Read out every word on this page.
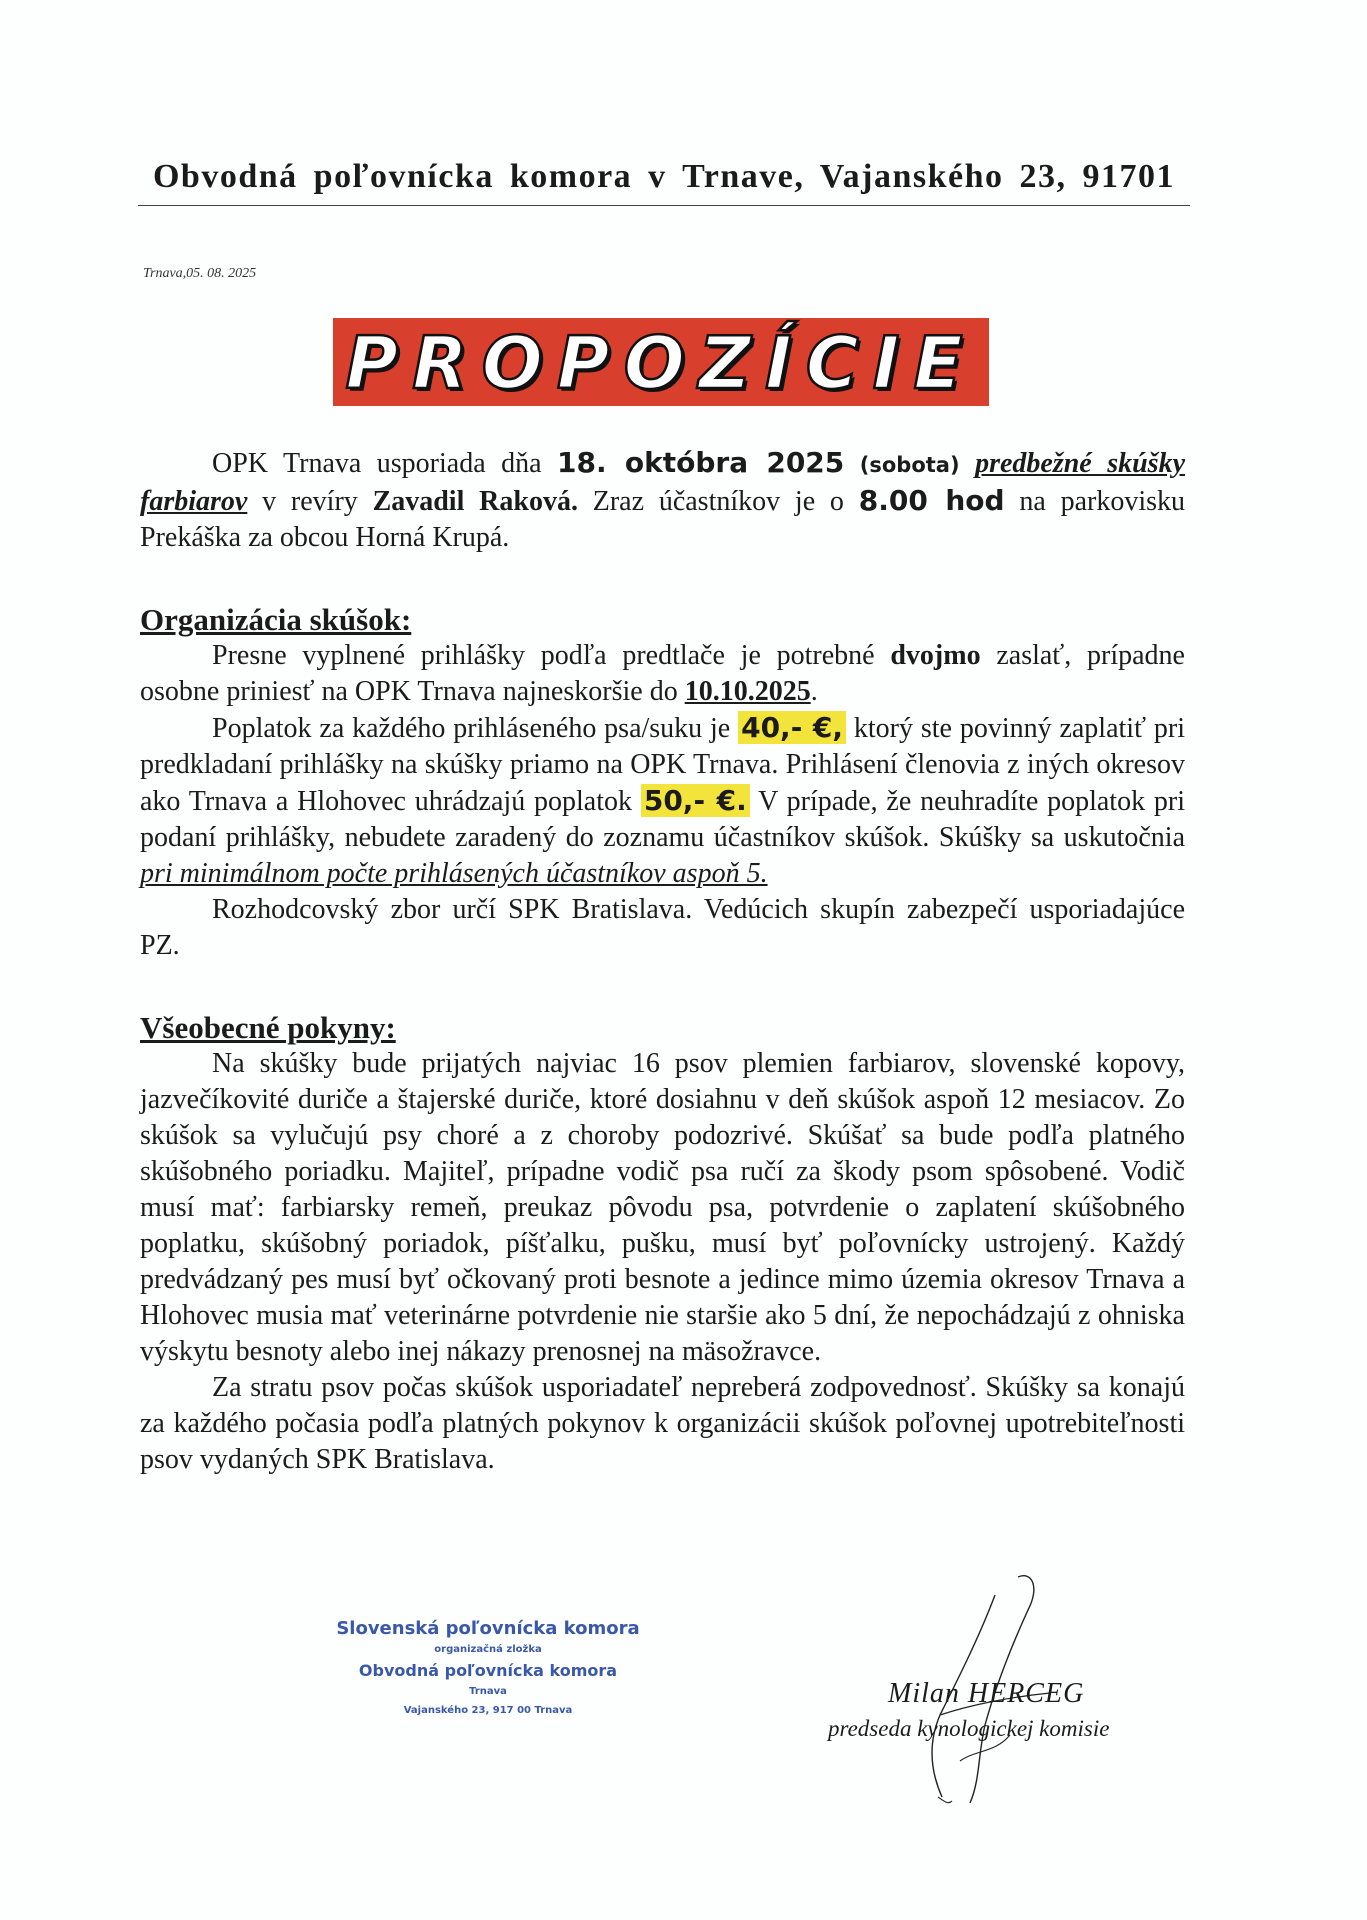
Obvodná poľovnícka komora v Trnave, Vajanského 23, 91701
Trnava,05. 08. 2025
PROPOZÍCIE

OPK Trnava usporiada dňa 18. októbra 2025 (sobota) predbežné skúšky farbiarov v revíry Zavadil Raková. Zraz účastníkov je o 8.00 hod na parkovisku Prekáška za obcou Horná Krupá.

Organizácia skúšok:

Presne vyplnené prihlášky podľa predtlače je potrebné dvojmo zaslať, prípadne osobne priniesť na OPK Trnava najneskoršie do 10.10.2025.

Poplatok za každého prihláseného psa/suku je 40,- €, ktorý ste povinný zaplatiť pri predkladaní prihlášky na skúšky priamo na OPK Trnava. Prihlásení členovia z iných okresov ako Trnava a Hlohovec uhrádzajú poplatok 50,- €. V prípade, že neuhradíte poplatok pri podaní prihlášky, nebudete zaradený do zoznamu účastníkov skúšok. Skúšky sa uskutočnia pri minimálnom počte prihlásených účastníkov aspoň 5.

Rozhodcovský zbor určí SPK Bratislava. Vedúcich skupín zabezpečí usporiadajúce PZ.

Všeobecné pokyny:

Na skúšky bude prijatých najviac 16 psov plemien farbiarov, slovenské kopovy, jazvečíkovité duriče a štajerské duriče, ktoré dosiahnu v deň skúšok aspoň 12 mesiacov. Zo skúšok sa vylučujú psy choré a z choroby podozrivé. Skúšať sa bude podľa platného skúšobného poriadku. Majiteľ, prípadne vodič psa ručí za škody psom spôsobené. Vodič musí mať: farbiarsky remeň, preukaz pôvodu psa, potvrdenie o zaplatení skúšobného poplatku, skúšobný poriadok, píšťalku, pušku, musí byť poľovnícky ustrojený. Každý predvádzaný pes musí byť očkovaný proti besnote a jedince mimo územia okresov Trnava a Hlohovec musia mať veterinárne potvrdenie nie staršie ako 5 dní, že nepochádzajú z ohniska výskytu besnoty alebo inej nákazy prenosnej na mäsožravce.

Za stratu psov počas skúšok usporiadateľ nepreberá zodpovednosť. Skúšky sa konajú za každého počasia podľa platných pokynov k organizácii skúšok poľovnej upotrebiteľnosti psov vydaných SPK Bratislava.

Slovenská poľovnícka komora
organizačná zložka
Obvodná poľovnícka komora
Trnava
Vajanského 23, 917 00 Trnava
Milan HERCEG
predseda kynologickej komisie
